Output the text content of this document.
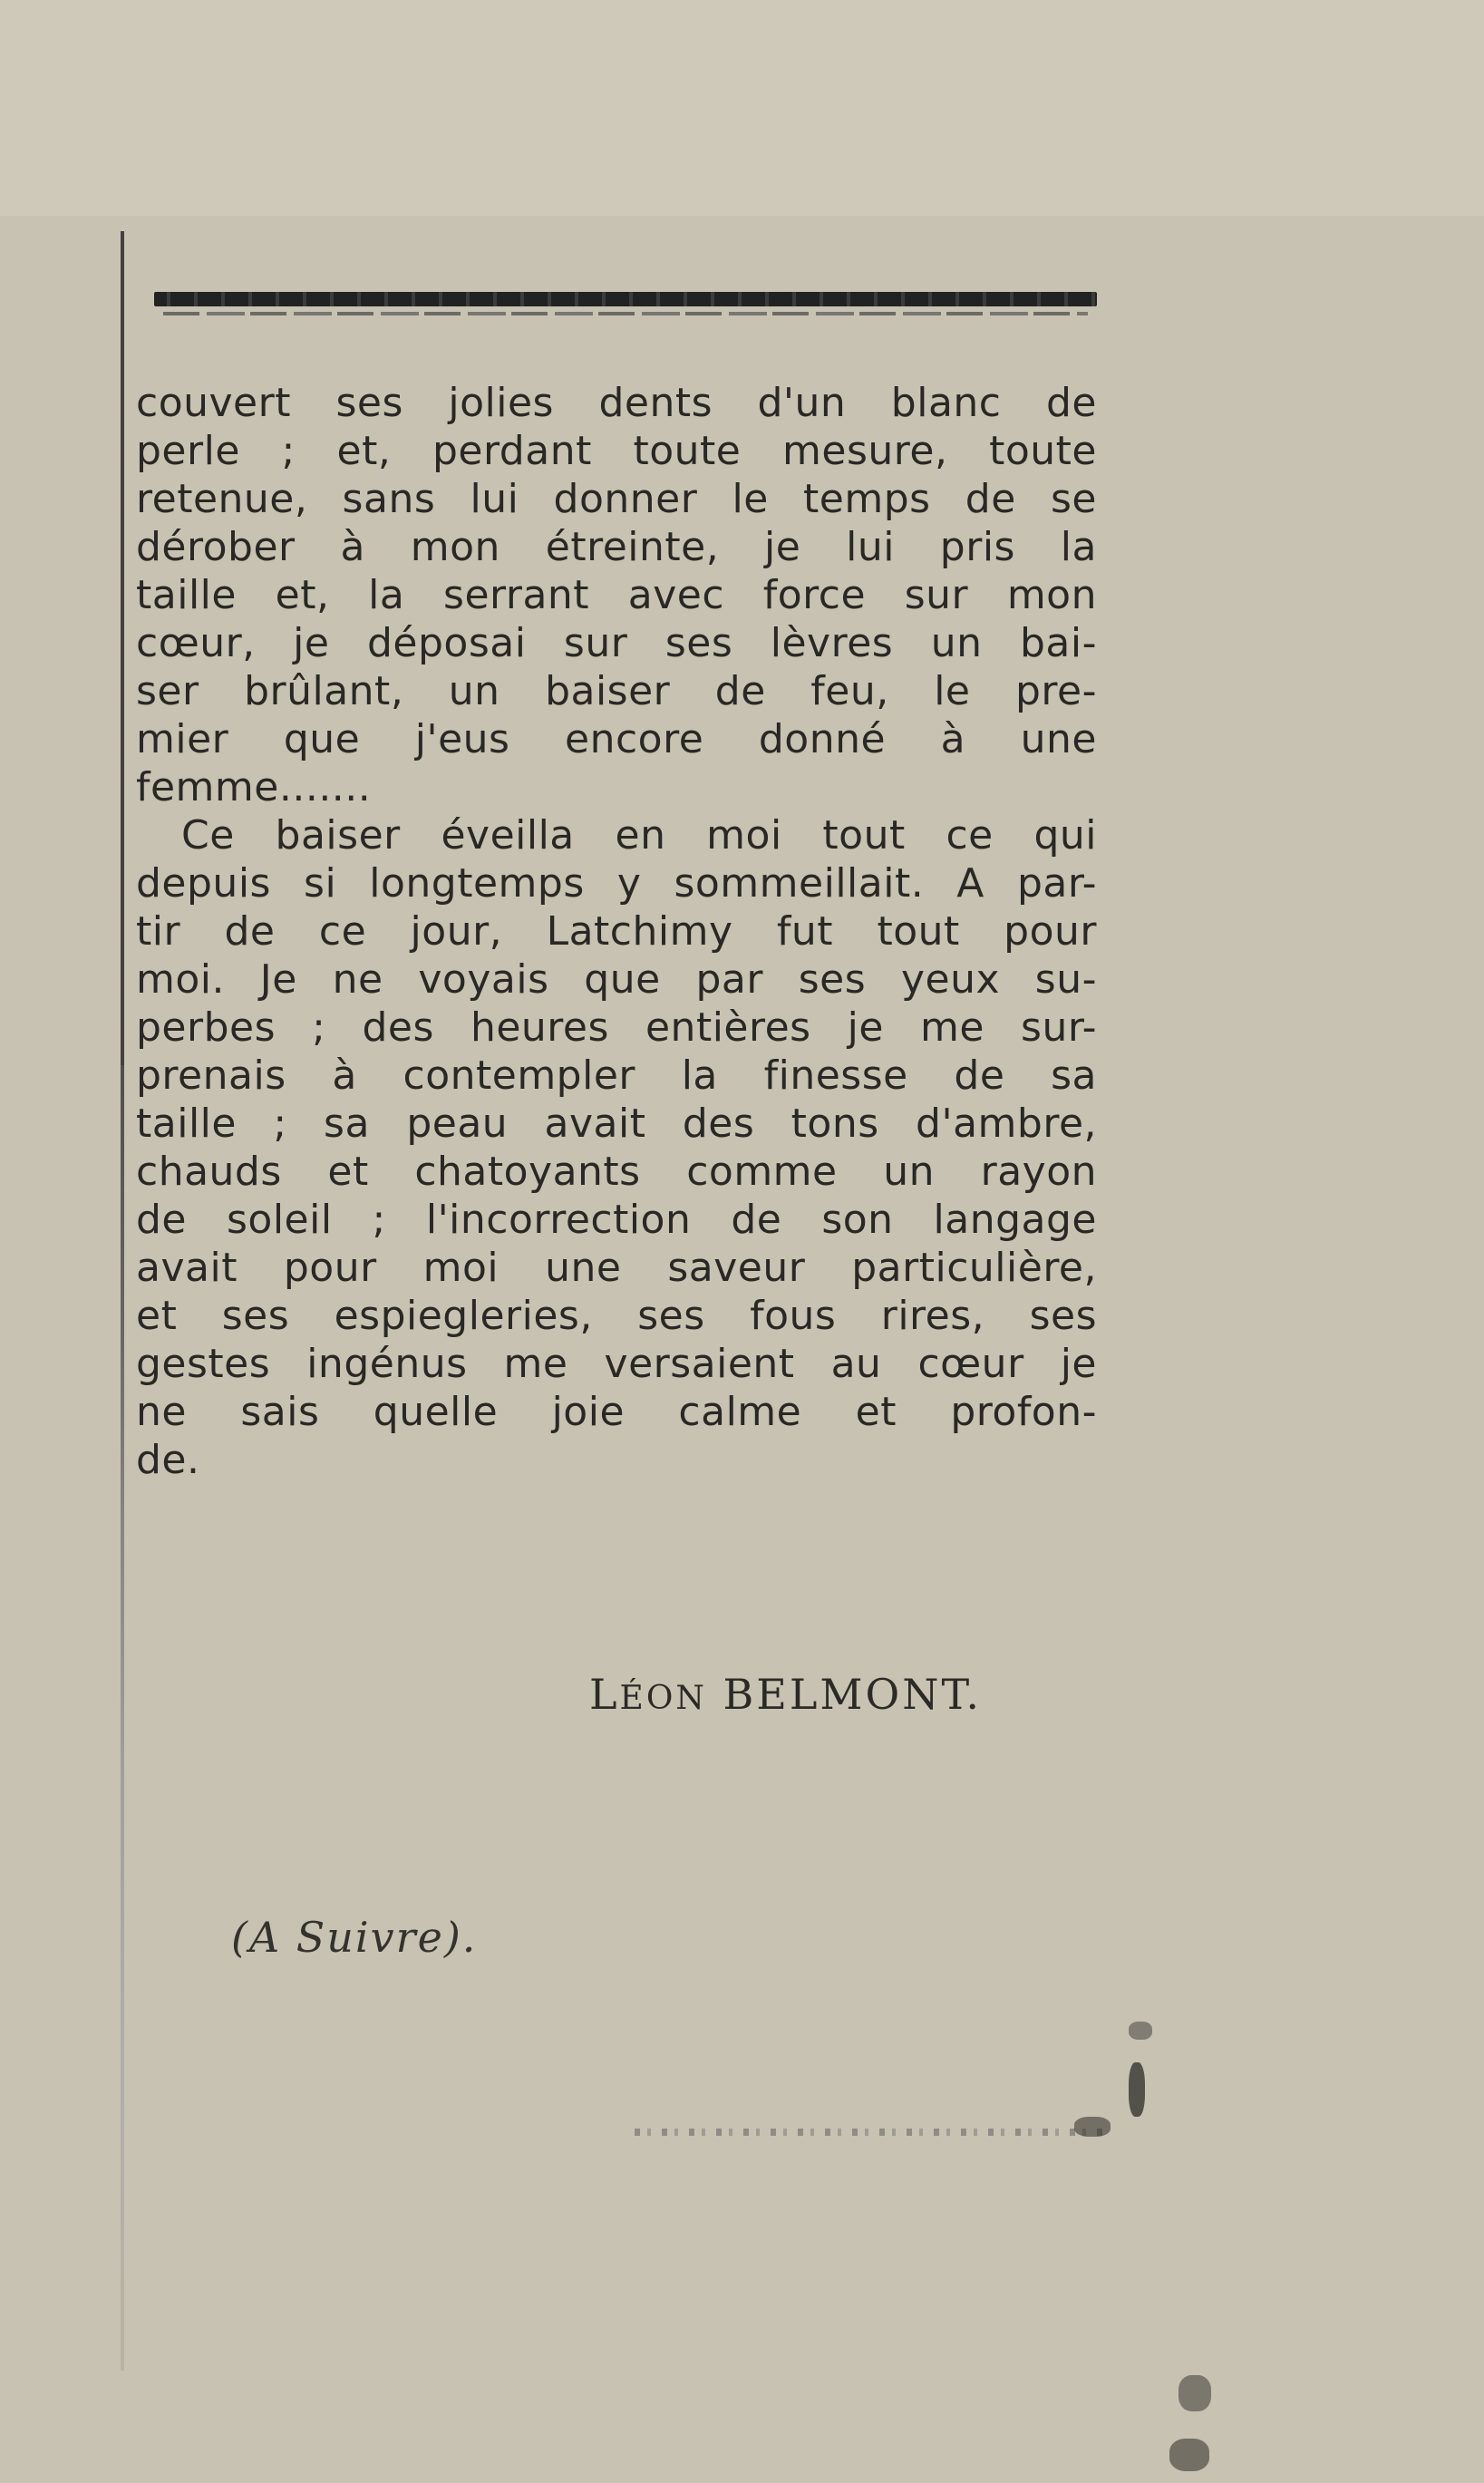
couvert ses jolies dents d'un blanc de
perle ; et, perdant toute mesure, toute
retenue, sans lui donner le temps de se
dérober à mon étreinte, je lui pris la
taille et, la serrant avec force sur mon
cœur, je déposai sur ses lèvres un bai-
ser brûlant, un baiser de feu, le pre-
mier que j'eus encore donné à une
femme.......

Ce baiser éveilla en moi tout ce qui
depuis si longtemps y sommeillait. A par-
tir de ce jour, Latchimy fut tout pour
moi. Je ne voyais que par ses yeux su-
perbes ; des heures entières je me sur-
prenais à contempler la finesse de sa
taille ; sa peau avait des tons d'ambre,
chauds et chatoyants comme un rayon
de soleil ; l'incorrection de son langage
avait pour moi une saveur particulière,
et ses espiegleries, ses fous rires, ses
gestes ingénus me versaient au cœur je
ne sais quelle joie calme et profon-
de.

LÉON BELMONT.
(A Suivre).
